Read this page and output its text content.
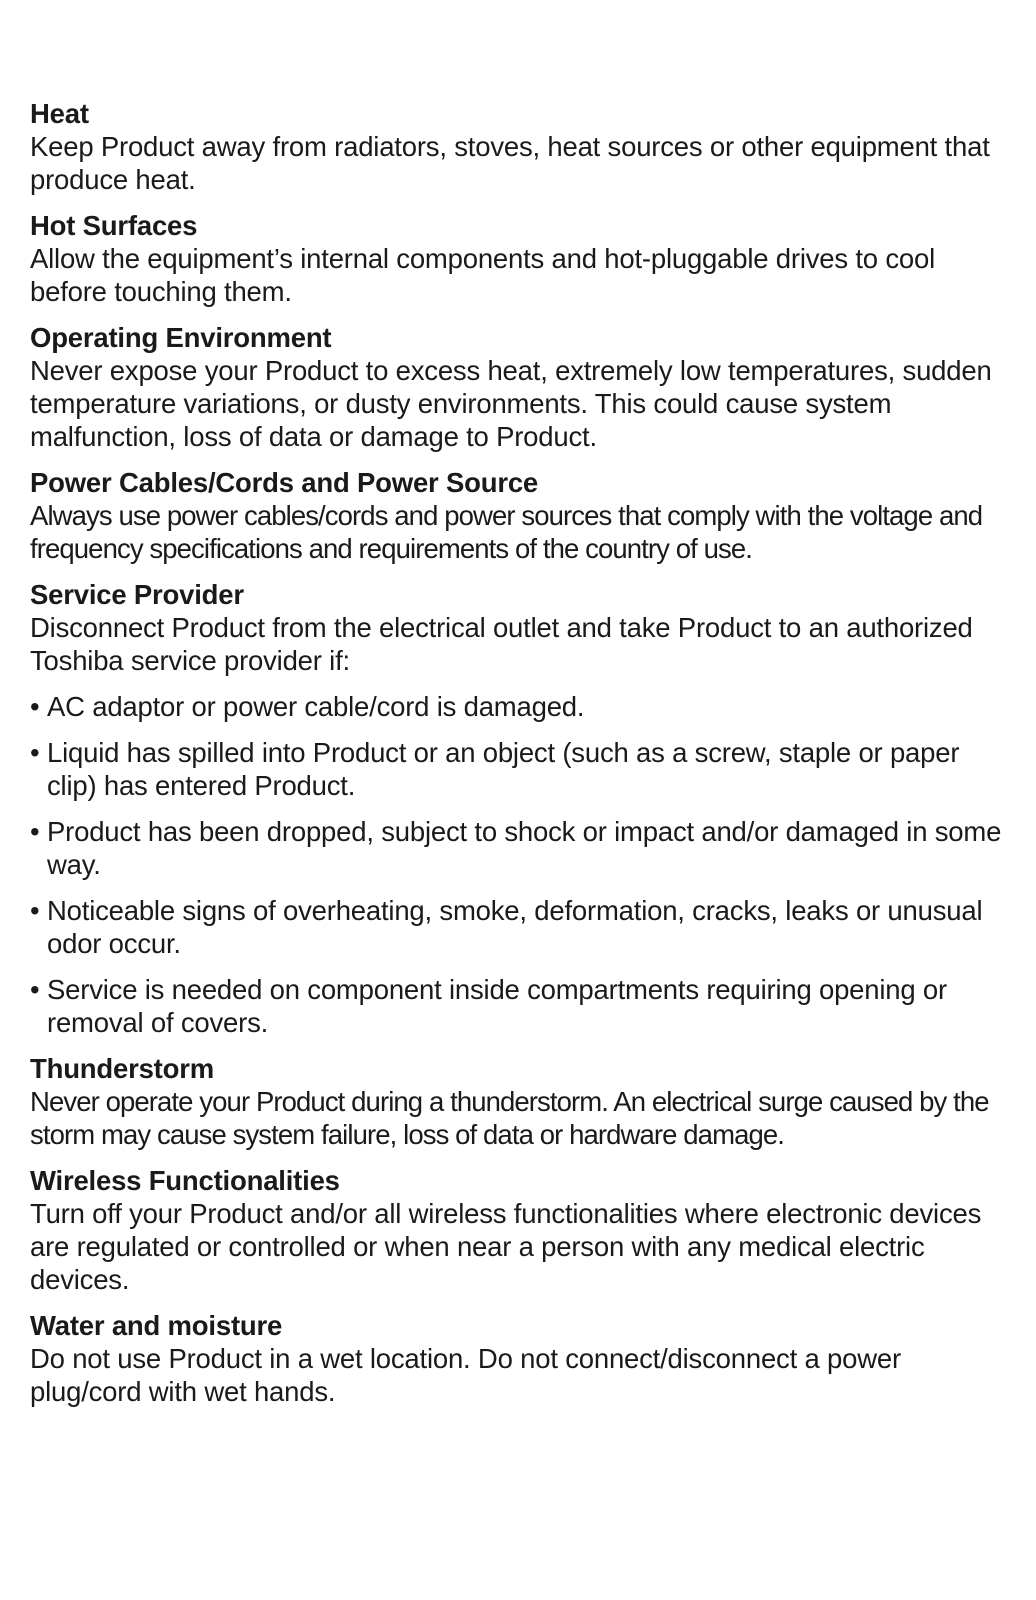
Heat
Keep Product away from radiators, stoves, heat sources or other equipment that produce heat.
Hot Surfaces
Allow the equipment’s internal components and hot-pluggable drives to cool before touching them.
Operating Environment
Never expose your Product to excess heat, extremely low temperatures, sudden temperature variations, or dusty environments. This could cause system malfunction, loss of data or damage to Product.
Power Cables/Cords and Power Source
Always use power cables/cords and power sources that comply with the voltage and frequency specifications and requirements of the country of use.
Service Provider
Disconnect Product from the electrical outlet and take Product to an authorized Toshiba service provider if:
• AC adaptor or power cable/cord is damaged.
• Liquid has spilled into Product or an object (such as a screw, staple or paper clip) has entered Product.
• Product has been dropped, subject to shock or impact and/or damaged in some way.
• Noticeable signs of overheating, smoke, deformation, cracks, leaks or unusual odor occur.
• Service is needed on component inside compartments requiring opening or removal of covers.
Thunderstorm
Never operate your Product during a thunderstorm. An electrical surge caused by the storm may cause system failure, loss of data or hardware damage.
Wireless Functionalities
Turn off your Product and/or all wireless functionalities where electronic devices are regulated or controlled or when near a person with any medical electric devices.
Water and moisture
Do not use Product in a wet location. Do not connect/disconnect a power plug/cord with wet hands.
